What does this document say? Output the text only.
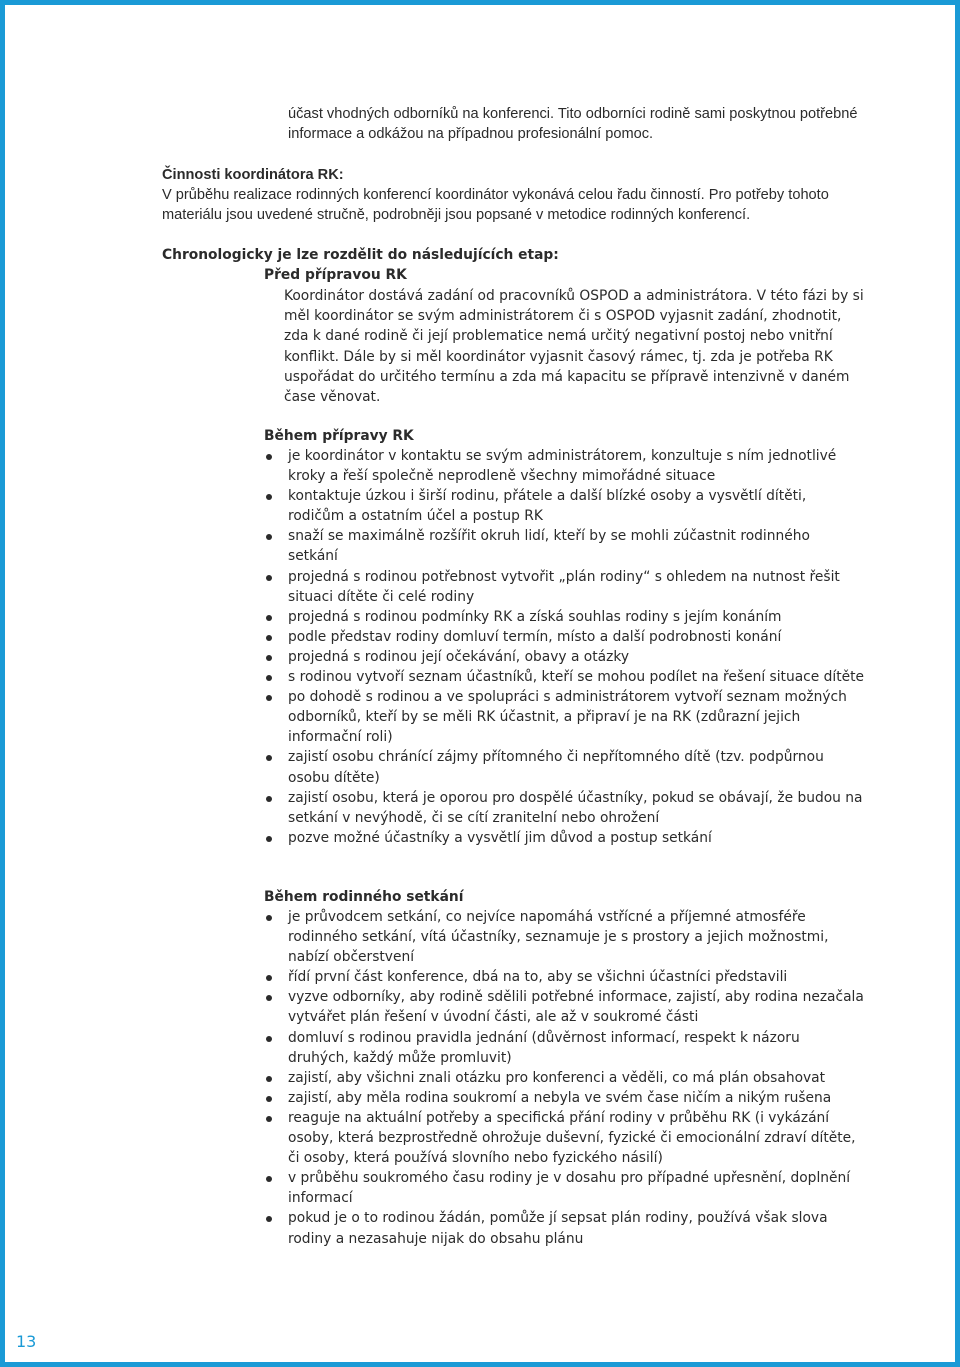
účast vhodných odborníků na konferenci. Tito odborníci rodině sami poskytnou potřebné informace a odkážou na případnou profesionální pomoc.

Činnosti koordinátora RK:
V průběhu realizace rodinných konferencí koordinátor vykonává celou řadu činností. Pro potřeby tohoto materiálu jsou uvedené stručně, podrobněji jsou popsané v metodice rodinných konferencí.
Chronologicky je lze rozdělit do následujících etap:
Před přípravou RK

Koordinátor dostává zadání od pracovníků OSPOD a administrátora. V této fázi by si měl koordinátor se svým administrátorem či s OSPOD vyjasnit zadání, zhodnotit, zda k dané rodině či její problematice nemá určitý negativní postoj nebo vnitřní konflikt. Dále by si měl koordinátor vyjasnit časový rámec, tj. zda je potřeba RK uspořádat do určitého termínu a zda má kapacitu se přípravě intenzivně v daném čase věnovat.

Během přípravy RK
je koordinátor v kontaktu se svým administrátorem, konzultuje s ním jednotlivé kroky a řeší společně neprodleně všechny mimořádné situace
kontaktuje úzkou i širší rodinu, přátele a další blízké osoby a vysvětlí dítěti, rodičům a ostatním účel a postup RK
snaží se maximálně rozšířit okruh lidí, kteří by se mohli zúčastnit rodinného setkání
projedná s rodinou potřebnost vytvořit „plán rodiny“ s ohledem na nutnost řešit situaci dítěte či celé rodiny
projedná s rodinou podmínky RK a získá souhlas rodiny s jejím konáním
podle představ rodiny domluví termín, místo a další podrobnosti konání
projedná s rodinou její očekávání, obavy a otázky
s rodinou vytvoří seznam účastníků, kteří se mohou podílet na řešení situace dítěte
po dohodě s rodinou a ve spolupráci s administrátorem vytvoří seznam možných odborníků, kteří by se měli RK účastnit, a připraví je na RK (zdůrazní jejich informační roli)
zajistí osobu chránící zájmy přítomného či nepřítomného dítě (tzv. podpůrnou osobu dítěte)
zajistí osobu, která je oporou pro dospělé účastníky, pokud se obávají, že budou na setkání v nevýhodě, či se cítí zranitelní nebo ohrožení
pozve možné účastníky a vysvětlí jim důvod a postup setkání
Během rodinného setkání
je průvodcem setkání, co nejvíce napomáhá vstřícné a příjemné atmosféře rodinného setkání, vítá účastníky, seznamuje je s prostory a jejich možnostmi, nabízí občerstvení
řídí první část konference, dbá na to, aby se všichni účastníci představili
vyzve odborníky, aby rodině sdělili potřebné informace, zajistí, aby rodina nezačala vytvářet plán řešení v úvodní části, ale až v soukromé části
domluví s rodinou pravidla jednání (důvěrnost informací, respekt k názoru druhých, každý může promluvit)
zajistí, aby všichni znali otázku pro konferenci a věděli, co má plán obsahovat
zajistí, aby měla rodina soukromí a nebyla ve svém čase ničím a nikým rušena
reaguje na aktuální potřeby a specifická přání rodiny v průběhu RK (i vykázání osoby, která bezprostředně ohrožuje duševní, fyzické či emocionální zdraví dítěte, či osoby, která používá slovního nebo fyzického násilí)
v průběhu soukromého času rodiny je v dosahu pro případné upřesnění, doplnění informací
pokud je o to rodinou žádán, pomůže jí sepsat plán rodiny, používá však slova rodiny a nezasahuje nijak do obsahu plánu
13
